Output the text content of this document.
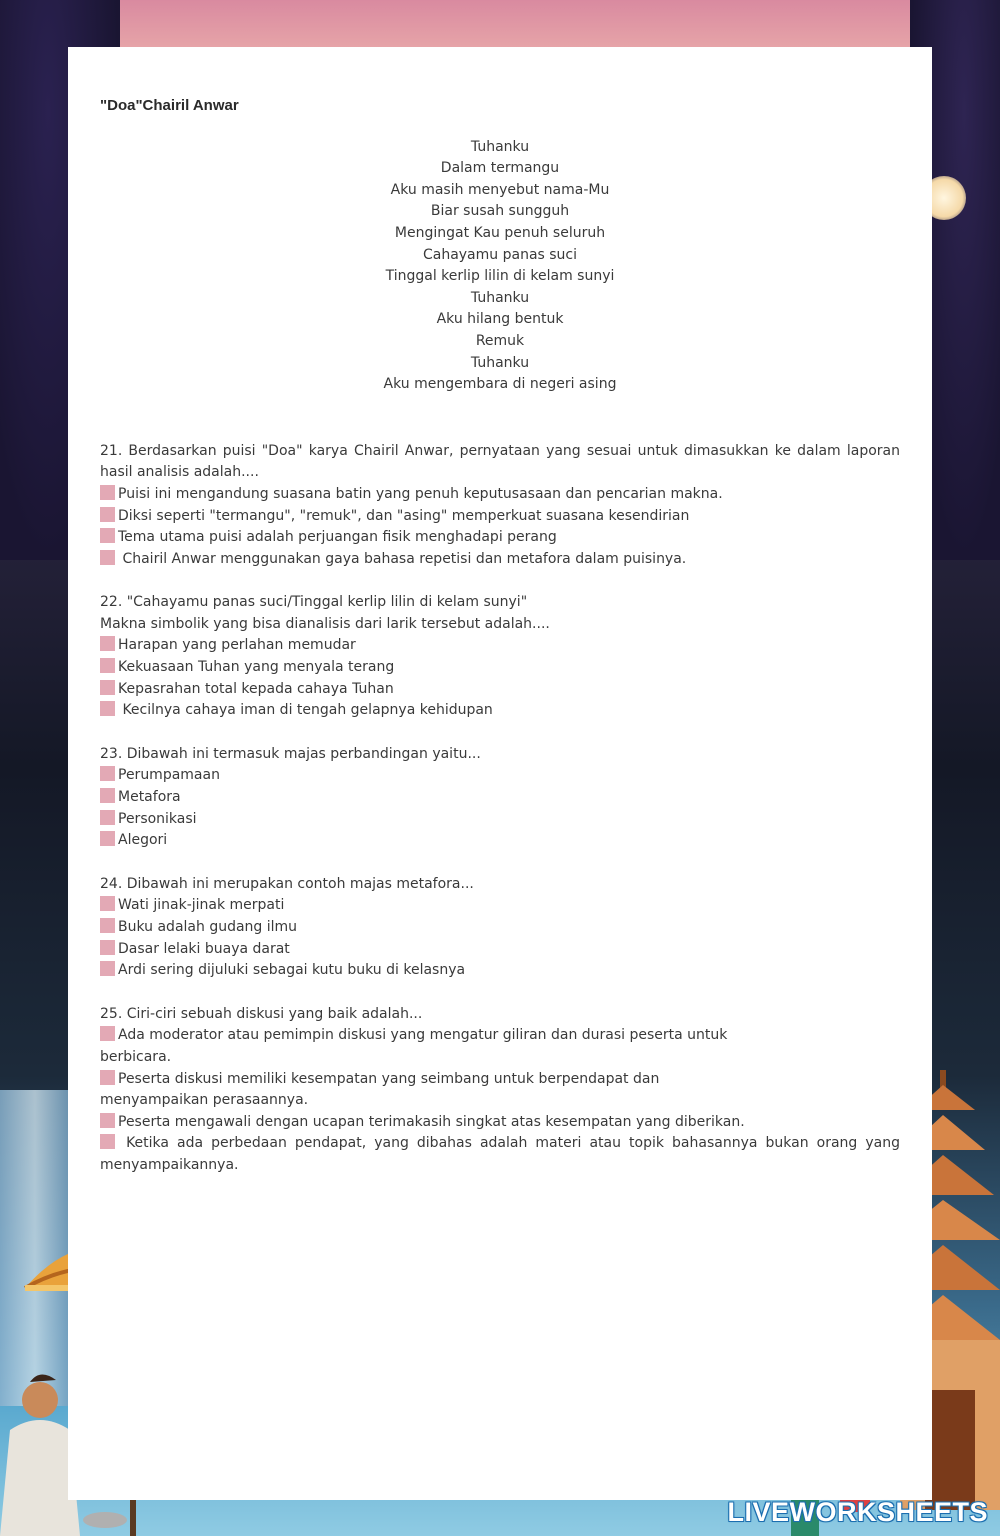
"Doa"Chairil Anwar
Tuhanku
Dalam termangu
Aku masih menyebut nama-Mu
Biar susah sungguh
Mengingat Kau penuh seluruh
Cahayamu panas suci
Tinggal kerlip lilin di kelam sunyi
Tuhanku
Aku hilang bentuk
Remuk
Tuhanku
Aku mengembara di negeri asing
21. Berdasarkan puisi "Doa" karya Chairil Anwar, pernyataan yang sesuai untuk dimasukkan ke dalam laporan hasil analisis adalah....
Puisi ini mengandung suasana batin yang penuh keputusasaan dan pencarian makna.
Diksi seperti "termangu", "remuk", dan "asing" memperkuat suasana kesendirian
Tema utama puisi adalah perjuangan fisik menghadapi perang
Chairil Anwar menggunakan gaya bahasa repetisi dan metafora dalam puisinya.
22. "Cahayamu panas suci/Tinggal kerlip lilin di kelam sunyi"
Makna simbolik yang bisa dianalisis dari larik tersebut adalah....
Harapan yang perlahan memudar
Kekuasaan Tuhan yang menyala terang
Kepasrahan total kepada cahaya Tuhan
Kecilnya cahaya iman di tengah gelapnya kehidupan
23. Dibawah ini termasuk majas perbandingan yaitu...
Perumpamaan
Metafora
Personikasi
Alegori
24. Dibawah ini merupakan contoh majas metafora...
Wati jinak-jinak merpati
Buku adalah gudang ilmu
Dasar lelaki buaya darat
Ardi sering dijuluki sebagai kutu buku di kelasnya
25. Ciri-ciri sebuah diskusi yang baik adalah...
Ada moderator atau pemimpin diskusi yang mengatur giliran dan durasi peserta untuk berbicara.
Peserta diskusi memiliki kesempatan yang seimbang untuk berpendapat dan menyampaikan perasaannya.
Peserta mengawali dengan ucapan terimakasih singkat atas kesempatan yang diberikan.
Ketika ada perbedaan pendapat, yang dibahas adalah materi atau topik bahasannya bukan orang yang menyampaikannya.
LIVEWORKSHEETS
